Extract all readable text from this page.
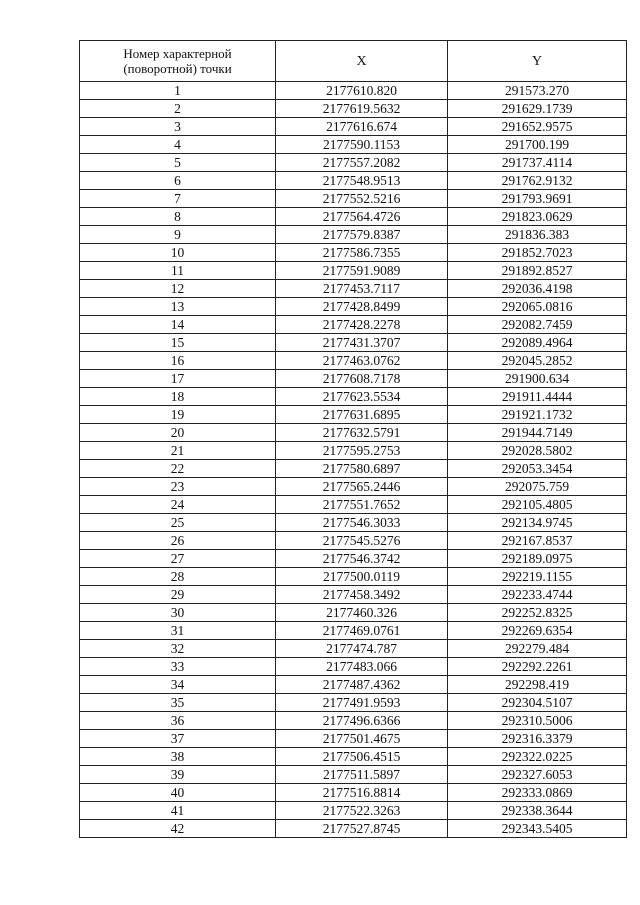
Номер характерной
(поворотной) точки	X	Y
1	2177610.820	291573.270
2	2177619.5632	291629.1739
3	2177616.674	291652.9575
4	2177590.1153	291700.199
5	2177557.2082	291737.4114
6	2177548.9513	291762.9132
7	2177552.5216	291793.9691
8	2177564.4726	291823.0629
9	2177579.8387	291836.383
10	2177586.7355	291852.7023
11	2177591.9089	291892.8527
12	2177453.7117	292036.4198
13	2177428.8499	292065.0816
14	2177428.2278	292082.7459
15	2177431.3707	292089.4964
16	2177463.0762	292045.2852
17	2177608.7178	291900.634
18	2177623.5534	291911.4444
19	2177631.6895	291921.1732
20	2177632.5791	291944.7149
21	2177595.2753	292028.5802
22	2177580.6897	292053.3454
23	2177565.2446	292075.759
24	2177551.7652	292105.4805
25	2177546.3033	292134.9745
26	2177545.5276	292167.8537
27	2177546.3742	292189.0975
28	2177500.0119	292219.1155
29	2177458.3492	292233.4744
30	2177460.326	292252.8325
31	2177469.0761	292269.6354
32	2177474.787	292279.484
33	2177483.066	292292.2261
34	2177487.4362	292298.419
35	2177491.9593	292304.5107
36	2177496.6366	292310.5006
37	2177501.4675	292316.3379
38	2177506.4515	292322.0225
39	2177511.5897	292327.6053
40	2177516.8814	292333.0869
41	2177522.3263	292338.3644
42	2177527.8745	292343.5405
